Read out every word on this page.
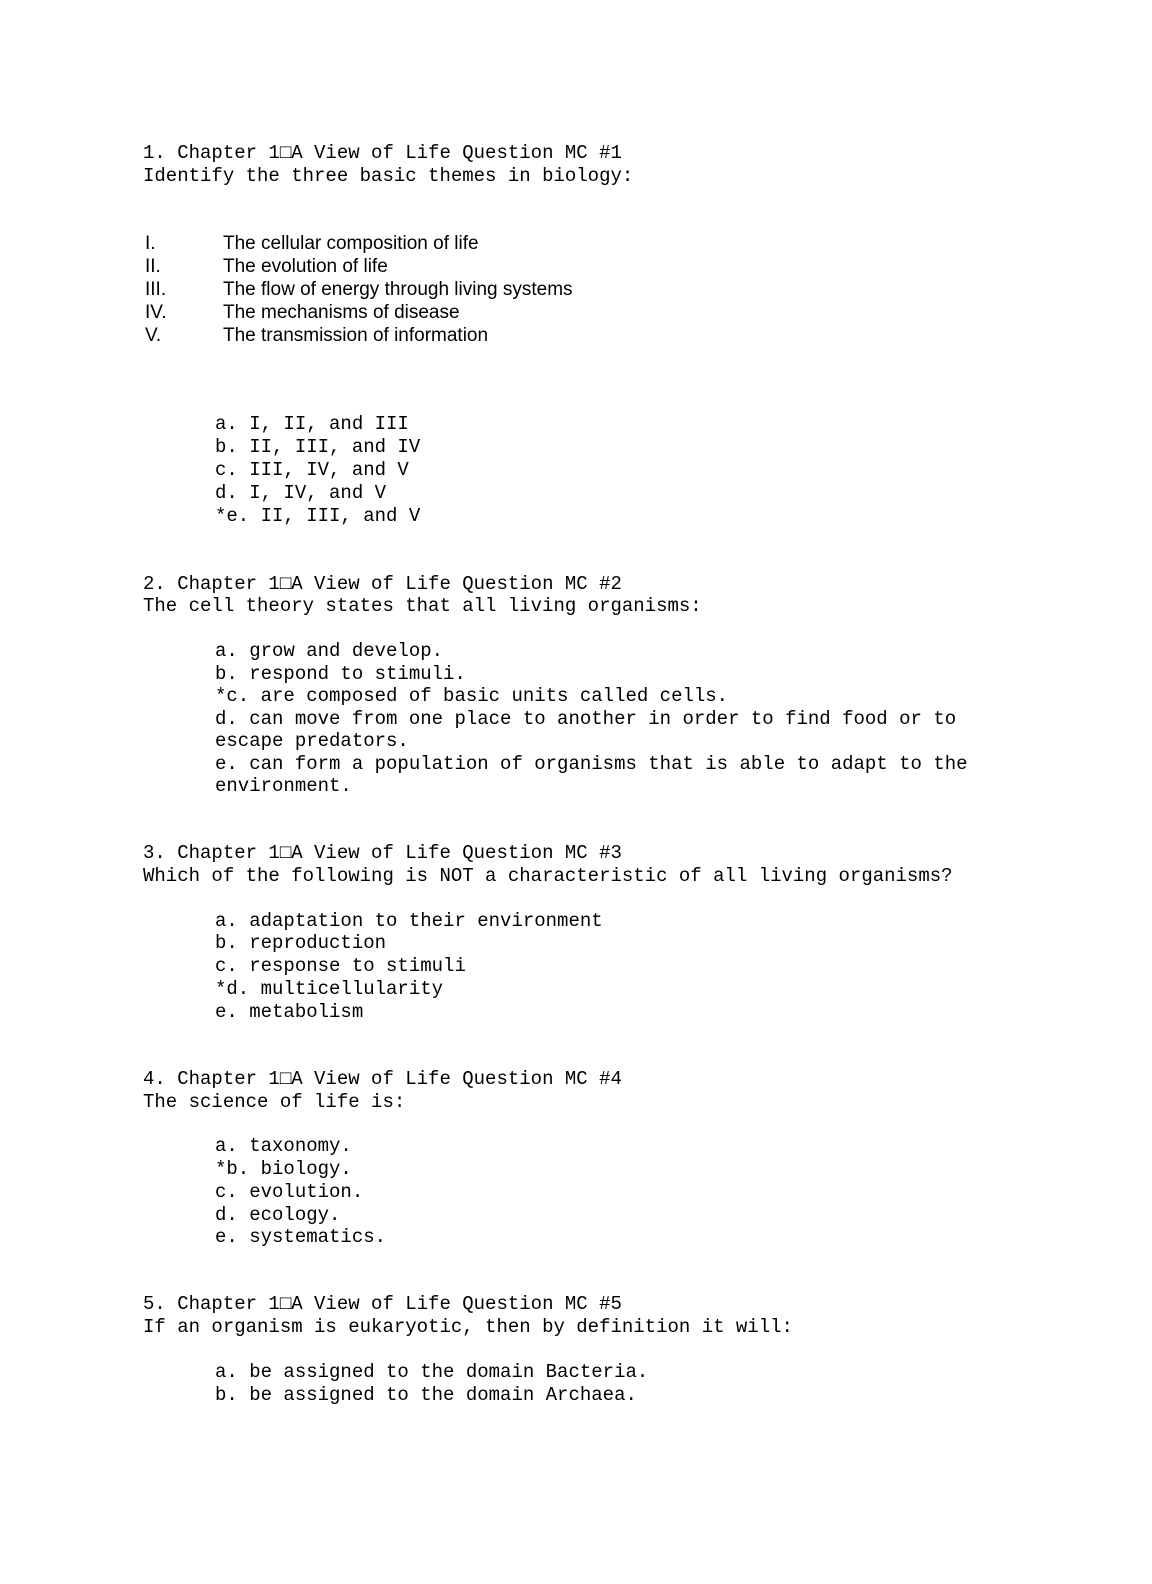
1. Chapter 1□A View of Life Question MC #1

Identify the three basic themes in biology:

I.

	The cellular composition of life

II.

	The evolution of life

III.

	The flow of energy through living systems

IV.

	The mechanisms of disease

V.

	The transmission of information

a. I, II, and III

b. II, III, and IV

c. III, IV, and V

d. I, IV, and V

*e. II, III, and V

2. Chapter 1□A View of Life Question MC #2

The cell theory states that all living organisms:

a. grow and develop.

b. respond to stimuli.

*c. are composed of basic units called cells.

d. can move from one place to another in order to find food or to

escape predators.

e. can form a population of organisms that is able to adapt to the

environment.

3. Chapter 1□A View of Life Question MC #3

Which of the following is NOT a characteristic of all living organisms?

a. adaptation to their environment

b. reproduction

c. response to stimuli

*d. multicellularity

e. metabolism

4. Chapter 1□A View of Life Question MC #4

The science of life is:

a. taxonomy.

*b. biology.

c. evolution.

d. ecology.

e. systematics.

5. Chapter 1□A View of Life Question MC #5

If an organism is eukaryotic, then by definition it will:

a. be assigned to the domain Bacteria.

b. be assigned to the domain Archaea.
